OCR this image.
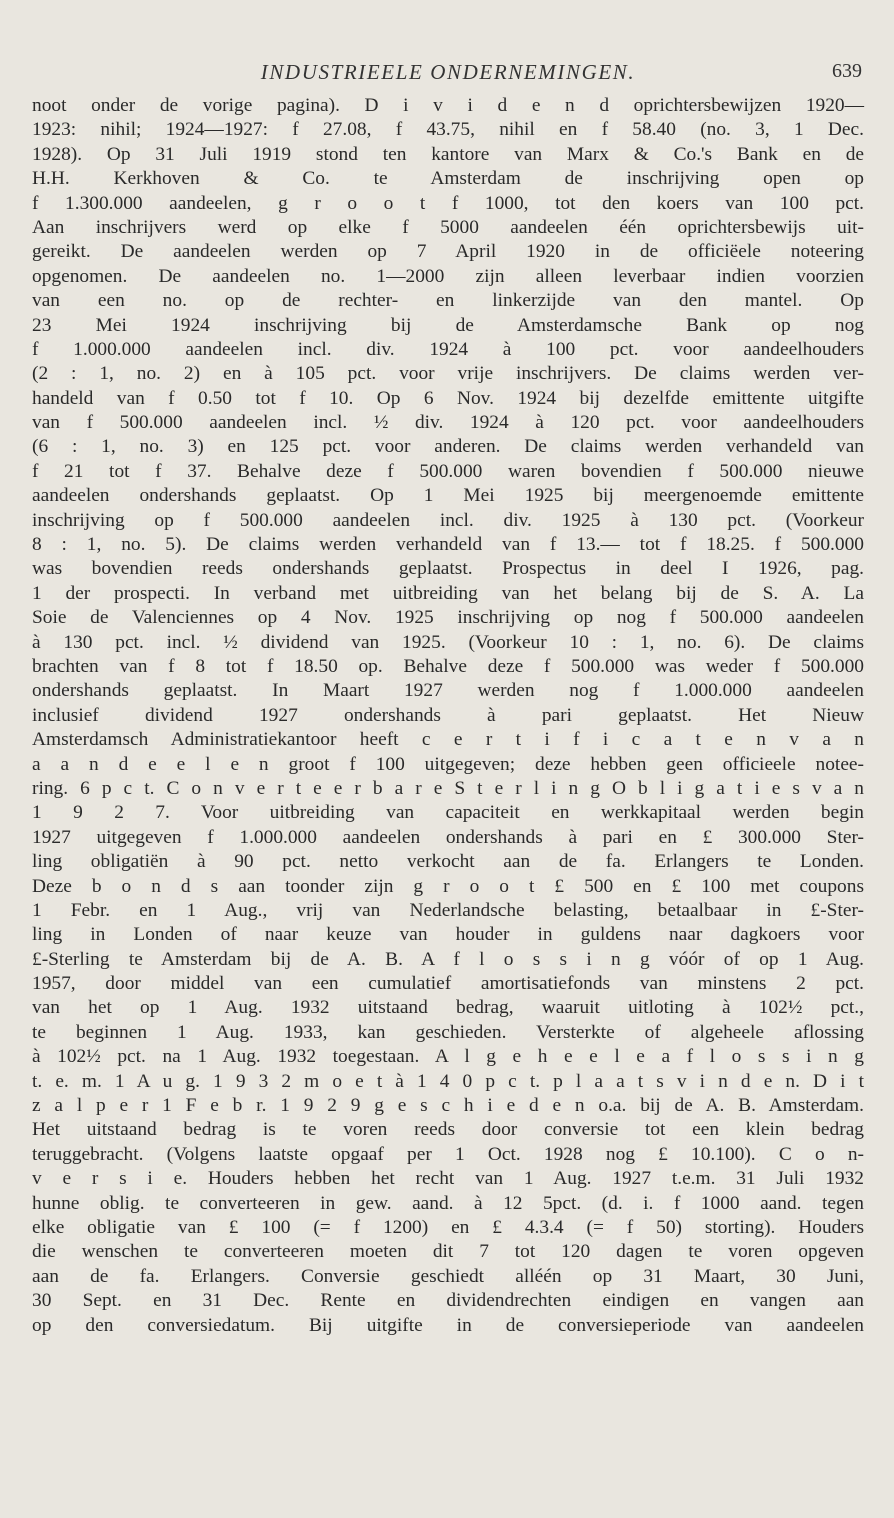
INDUSTRIEELE ONDERNEMINGEN.	639
noot onder de vorige pagina). D i v i d e n d oprichtersbewijzen 1920—
1923: nihil; 1924—1927: f 27.08, f 43.75, nihil en f 58.40 (no. 3, 1 Dec.
1928). Op 31 Juli 1919 stond ten kantore van Marx & Co.'s Bank en de
H.H. Kerkhoven & Co. te Amsterdam de inschrijving open op
f 1.300.000 aandeelen, g r o o t f 1000, tot den koers van 100 pct.
Aan inschrijvers werd op elke f 5000 aandeelen één oprichtersbewijs uit-
gereikt. De aandeelen werden op 7 April 1920 in de officiëele noteering
opgenomen. De aandeelen no. 1—2000 zijn alleen leverbaar indien voorzien
van een no. op de rechter- en linkerzijde van den mantel. Op
23 Mei 1924 inschrijving bij de Amsterdamsche Bank op nog
f 1.000.000 aandeelen incl. div. 1924 à 100 pct. voor aandeelhouders
(2 : 1, no. 2) en à 105 pct. voor vrije inschrijvers. De claims werden ver-
handeld van f 0.50 tot f 10. Op 6 Nov. 1924 bij dezelfde emittente uitgifte
van f 500.000 aandeelen incl. ½ div. 1924 à 120 pct. voor aandeelhouders
(6 : 1, no. 3) en 125 pct. voor anderen. De claims werden verhandeld van
f 21 tot f 37. Behalve deze f 500.000 waren bovendien f 500.000 nieuwe
aandeelen ondershands geplaatst. Op 1 Mei 1925 bij meergenoemde emittente
inschrijving op f 500.000 aandeelen incl. div. 1925 à 130 pct. (Voorkeur
8 : 1, no. 5). De claims werden verhandeld van f 13.— tot f 18.25. f 500.000
was bovendien reeds ondershands geplaatst. Prospectus in deel I 1926, pag.
1 der prospecti. In verband met uitbreiding van het belang bij de S. A. La
Soie de Valenciennes op 4 Nov. 1925 inschrijving op nog f 500.000 aandeelen
à 130 pct. incl. ½ dividend van 1925. (Voorkeur 10 : 1, no. 6). De claims
brachten van f 8 tot f 18.50 op. Behalve deze f 500.000 was weder f 500.000
ondershands geplaatst. In Maart 1927 werden nog f 1.000.000 aandeelen
inclusief dividend 1927 ondershands à pari geplaatst. Het Nieuw
Amsterdamsch Administratiekantoor heeft c e r t i f i c a t e n v a n
a a n d e e l e n groot f 100 uitgegeven; deze hebben geen officieele notee-
ring. 6 p c t. C o n v e r t e e r b a r e S t e r l i n g O b l i g a t i e s v a n
1 9 2 7. Voor uitbreiding van capaciteit en werkkapitaal werden begin
1927 uitgegeven f 1.000.000 aandeelen ondershands à pari en £ 300.000 Ster-
ling obligatiën à 90 pct. netto verkocht aan de fa. Erlangers te Londen.
Deze b o n d s aan toonder zijn g r o o t £ 500 en £ 100 met coupons
1 Febr. en 1 Aug., vrij van Nederlandsche belasting, betaalbaar in £-Ster-
ling in Londen of naar keuze van houder in guldens naar dagkoers voor
£-Sterling te Amsterdam bij de A. B. A f l o s s i n g vóór of op 1 Aug.
1957, door middel van een cumulatief amortisatiefonds van minstens 2 pct.
van het op 1 Aug. 1932 uitstaand bedrag, waaruit uitloting à 102½ pct.,
te beginnen 1 Aug. 1933, kan geschieden. Versterkte of algeheele aflossing
à 102½ pct. na 1 Aug. 1932 toegestaan. A l g e h e e l e a f l o s s i n g
t. e. m. 1 A u g. 1 9 3 2 m o e t à 1 4 0 p c t. p l a a t s v i n d e n. D i t
z a l p e r 1 F e b r. 1 9 2 9 g e s c h i e d e n o.a. bij de A. B. Amsterdam.
Het uitstaand bedrag is te voren reeds door conversie tot een klein bedrag
teruggebracht. (Volgens laatste opgaaf per 1 Oct. 1928 nog £ 10.100). C o n-
v e r s i e. Houders hebben het recht van 1 Aug. 1927 t.e.m. 31 Juli 1932
hunne oblig. te converteeren in gew. aand. à 12 5pct. (d. i. f 1000 aand. tegen
elke obligatie van £ 100 (= f 1200) en £ 4.3.4 (= f 50) storting). Houders
die wenschen te converteeren moeten dit 7 tot 120 dagen te voren opgeven
aan de fa. Erlangers. Conversie geschiedt alléén op 31 Maart, 30 Juni,
30 Sept. en 31 Dec. Rente en dividendrechten eindigen en vangen aan
op den conversiedatum. Bij uitgifte in de conversieperiode van aandeelen
